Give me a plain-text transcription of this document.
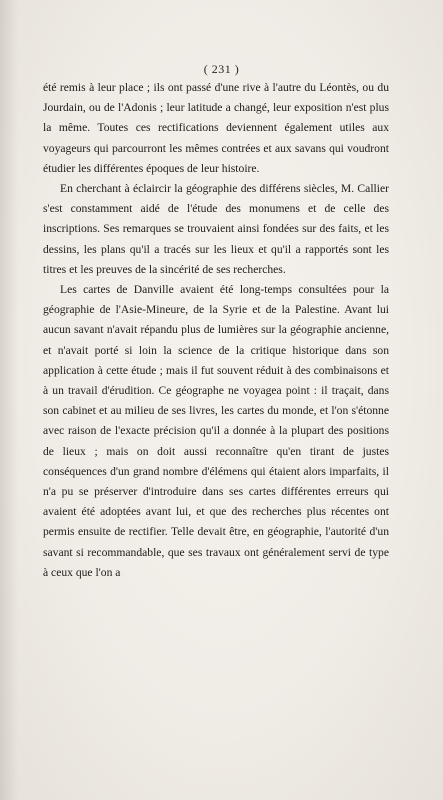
( 231 )

été remis à leur place ; ils ont passé d'une rive à l'autre du Léontès, ou du Jourdain, ou de l'Adonis ; leur latitude a changé, leur exposition n'est plus la même. Toutes ces rectifications deviennent également utiles aux voyageurs qui parcourront les mêmes contrées et aux savans qui voudront étudier les différentes époques de leur histoire.

En cherchant à éclaircir la géographie des différens siècles, M. Callier s'est constamment aidé de l'étude des monumens et de celle des inscriptions. Ses remarques se trouvaient ainsi fondées sur des faits, et les dessins, les plans qu'il a tracés sur les lieux et qu'il a rapportés sont les titres et les preuves de la sincérité de ses recherches.

Les cartes de Danville avaient été long-temps consultées pour la géographie de l'Asie-Mineure, de la Syrie et de la Palestine. Avant lui aucun savant n'avait répandu plus de lumières sur la géographie ancienne, et n'avait porté si loin la science de la critique historique dans son application à cette étude ; mais il fut souvent réduit à des combinaisons et à un travail d'érudition. Ce géographe ne voyagea point : il traçait, dans son cabinet et au milieu de ses livres, les cartes du monde, et l'on s'étonne avec raison de l'exacte précision qu'il a donnée à la plupart des positions de lieux ; mais on doit aussi reconnaître qu'en tirant de justes conséquences d'un grand nombre d'élémens qui étaient alors imparfaits, il n'a pu se préserver d'introduire dans ses cartes différentes erreurs qui avaient été adoptées avant lui, et que des recherches plus récentes ont permis ensuite de rectifier. Telle devait être, en géographie, l'autorité d'un savant si recommandable, que ses travaux ont généralement servi de type à ceux que l'on a
